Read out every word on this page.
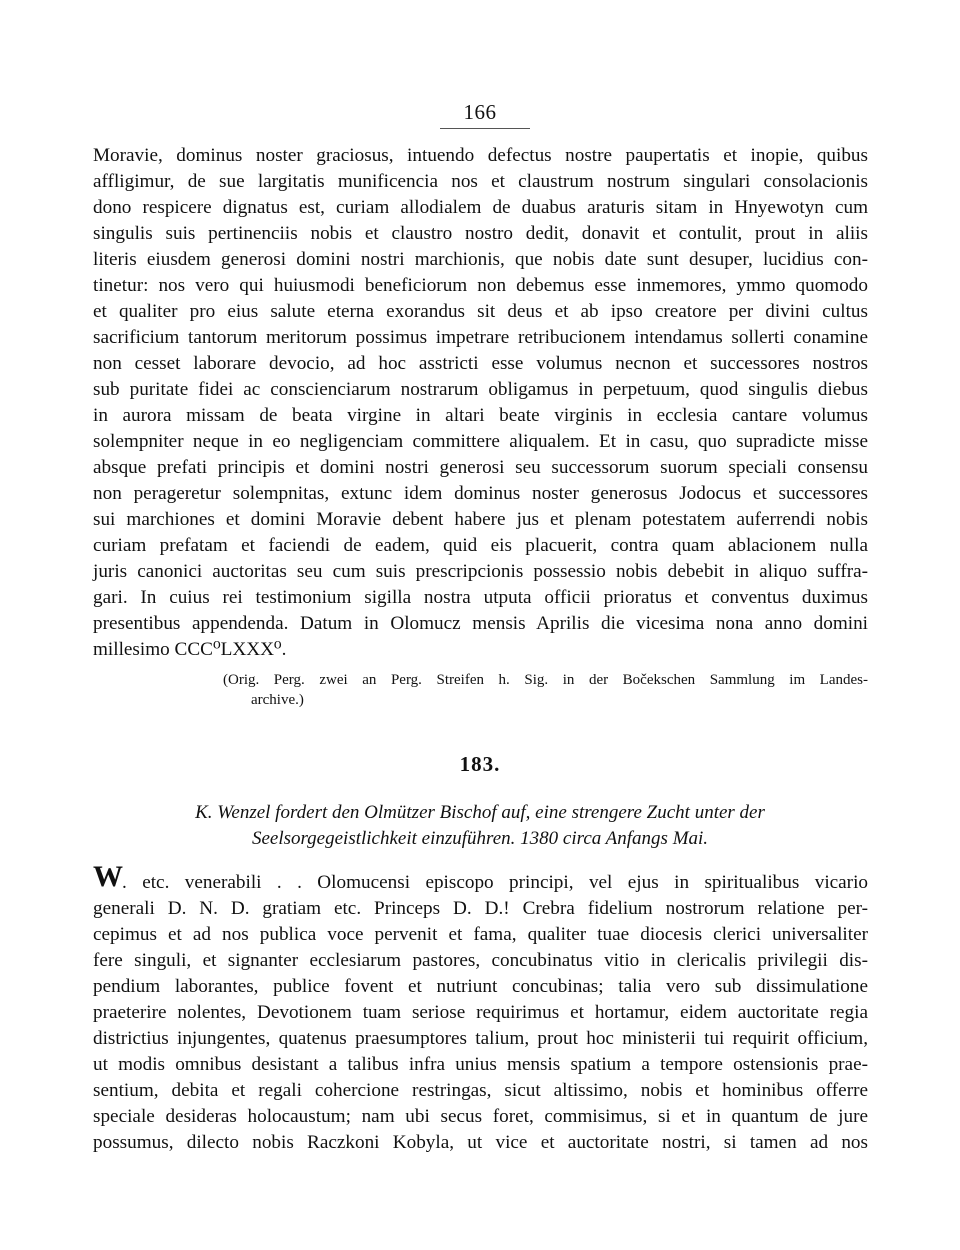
166
Moravie, dominus noster graciosus, intuendo defectus nostre paupertatis et inopie, quibus
affligimur, de sue largitatis munificencia nos et claustrum nostrum singulari consolacionis
dono respicere dignatus est, curiam allodialem de duabus araturis sitam in Hnyewotyn cum
singulis suis pertinenciis nobis et claustro nostro dedit, donavit et contulit, prout in aliis
literis eiusdem generosi domini nostri marchionis, que nobis date sunt desuper, lucidius con-
tinetur: nos vero qui huiusmodi beneficiorum non debemus esse inmemores, ymmo quomodo
et qualiter pro eius salute eterna exorandus sit deus et ab ipso creatore per divini cultus
sacrificium tantorum meritorum possimus impetrare retribucionem intendamus sollerti conamine
non cesset laborare devocio, ad hoc asstricti esse volumus necnon et successores nostros
sub puritate fidei ac conscienciarum nostrarum obligamus in perpetuum, quod singulis diebus
in aurora missam de beata virgine in altari beate virginis in ecclesia cantare volumus
solempniter neque in eo negligenciam committere aliqualem. Et in casu, quo supradicte misse
absque prefati principis et domini nostri generosi seu successorum suorum speciali consensu
non peragеretur solempnitas, extunc idem dominus noster generosus Jodocus et successores
sui marchiones et domini Moravie debent habere jus et plenam potestatem auferrendi nobis
curiam prefatam et faciendi de eadem, quid eis placuerit, contra quam ablacionem nulla
juris canonici auctoritas seu cum suis prescripcionis possessio nobis debebit in aliquo suffra-
gari. In cuius rei testimonium sigilla nostra utputa officii prioratus et conventus duximus
presentibus appendenda. Datum in Olomucz mensis Aprilis die vicesima nona anno domini
millesimo CCC⁰LXXX⁰.
(Orig. Perg. zwei an Perg. Streifen h. Sig. in der Bočekschen Sammlung im Landes-
archive.)
183.
K. Wenzel fordert den Olmützer Bischof auf, eine strengere Zucht unter der
Seelsorgegeistlichkeit einzuführen. 1380 circa Anfangs Mai.
W . etc. venerabili . . Olomucensi episcopo principi, vel ejus in spiritualibus vicario
generali D. N. D. gratiam etc. Princeps D. D.! Crebra fidelium nostrorum relatione per-
cepimus et ad nos publica voce pervenit et fama, qualiter tuae diocesis clerici universaliter
fere singuli, et signanter ecclesiarum pastores, concubinatus vitio in clericalis privilegii dis-
pendium laborantes, publice fovent et nutriunt concubinas; talia vero sub dissimulatione
praeterire nolentes, Devotionem tuam seriose requirimus et hortamur, eidem auctoritate regia
districtius injungentes, quatenus praesumptores talium, prout hoc ministerii tui requirit officium,
ut modis omnibus desistant a talibus infra unius mensis spatium a tempore ostensionis prae-
sentium, debita et regali cohercione restringas, sicut altissimo, nobis et hominibus offerre
speciale desideras holocaustum; nam ubi secus foret, commisimus, si et in quantum de jure
possumus, dilecto nobis Raczkoni Kobyla, ut vice et auctoritate nostri, si tamen ad nos
